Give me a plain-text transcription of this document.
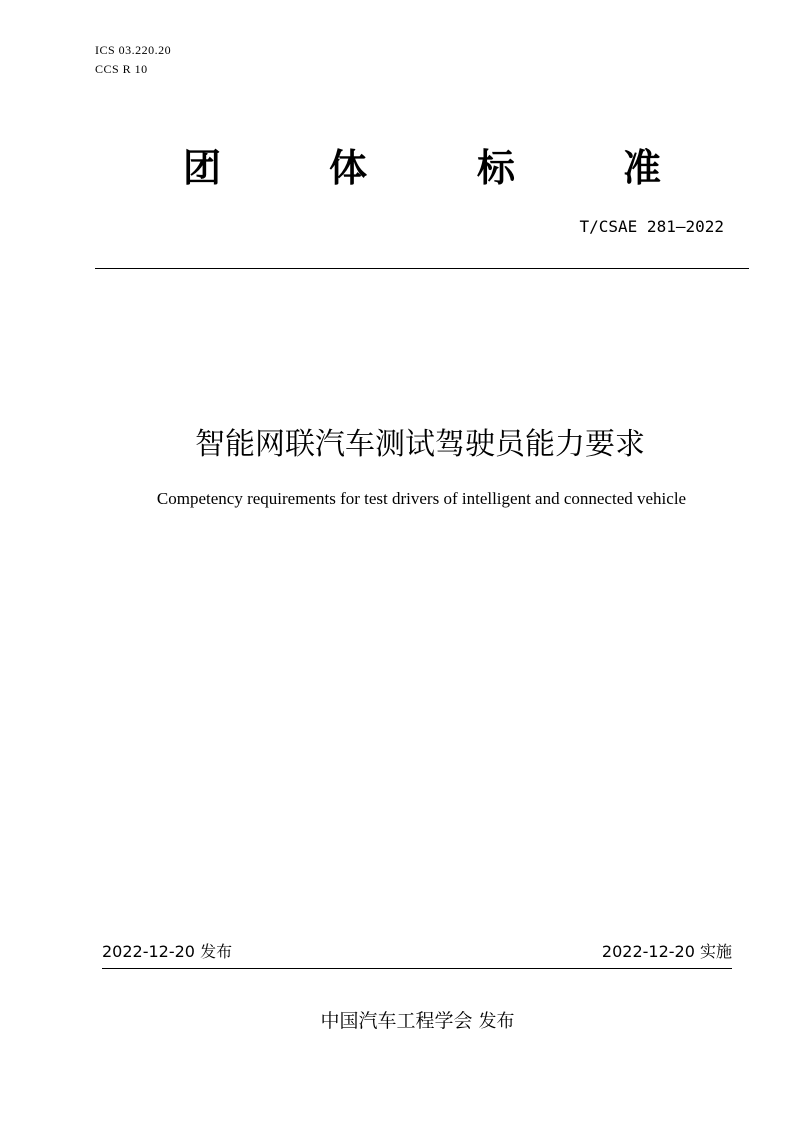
ICS 03.220.20
CCS R 10
团	体	标	准
T/CSAE 281—2022
智能网联汽车测试驾驶员能力要求
Competency requirements for test drivers of intelligent and connected vehicle
2022-12-20 发布	2022-12-20 实施
中国汽车工程学会 发布
